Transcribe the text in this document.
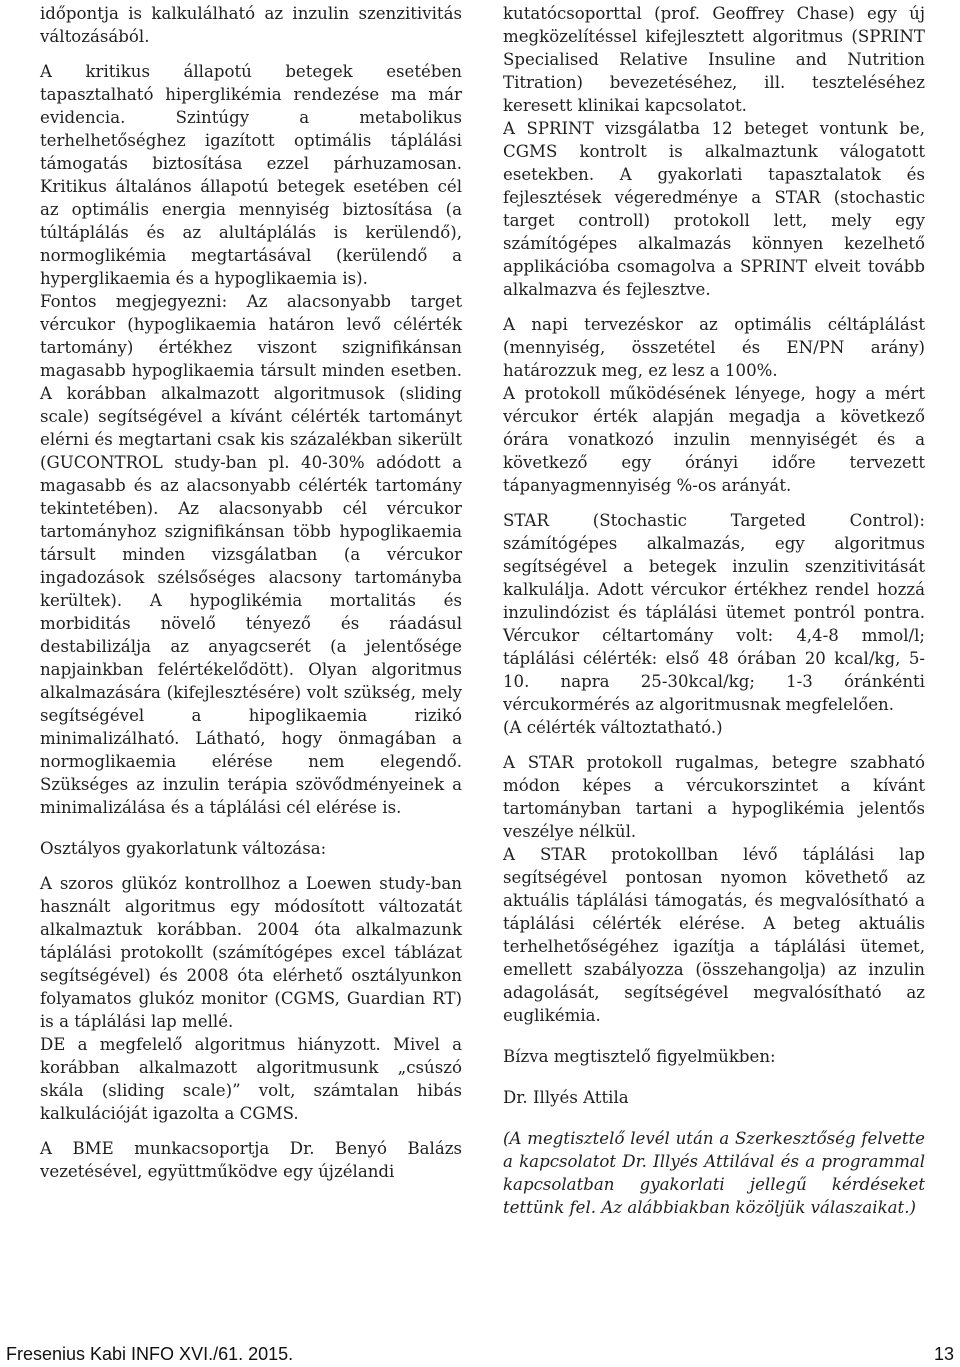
időpontja is kalkulálható az inzulin szenzitivitás változásából.

A kritikus állapotú betegek esetében tapasztalható hiperglikémia rendezése ma már evidencia. Szintúgy a metabolikus terhelhetőséghez igazított optimális táplálási támogatás biztosítása ezzel párhuzamosan. Kritikus általános állapotú betegek esetében cél az optimális energia mennyiség biztosítása (a túltáplálás és az alultáplálás is kerülendő), normoglikémia megtartásával (kerülendő a hyperglikaemia és a hypoglikaemia is).

Fontos megjegyezni: Az alacsonyabb target vércukor (hypoglikaemia határon levő célérték tartomány) értékhez viszont szignifikánsan magasabb hypoglikaemia társult minden esetben. A korábban alkalmazott algoritmusok (sliding scale) segítségével a kívánt célérték tartományt elérni és megtartani csak kis százalékban sikerült (GUCONTROL study-ban pl. 40-30% adódott a magasabb és az alacsonyabb célérték tartomány tekintetében). Az alacsonyabb cél vércukor tartományhoz szignifikánsan több hypoglikaemia társult minden vizsgálatban (a vércukor ingadozások szélsőséges alacsony tartományba kerültek). A hypoglikémia mortalitás és morbiditás növelő tényező és ráadásul destabilizálja az anyagcserét (a jelentősége napjainkban felértékelődött). Olyan algoritmus alkalmazására (kifejlesztésére) volt szükség, mely segítségével a hipoglikaemia rizikó minimalizálható. Látható, hogy önmagában a normoglikaemia elérése nem elegendő. Szükséges az inzulin terápia szövődményeinek a minimalizálása és a táplálási cél elérése is.

Osztályos gyakorlatunk változása:

A szoros glükóz kontrollhoz a Loewen study-ban használt algoritmus egy módosított változatát alkalmaztuk korábban. 2004 óta alkalmazunk táplálási protokollt (számítógépes excel táblázat segítségével) és 2008 óta elérhető osztályunkon folyamatos glukóz monitor (CGMS, Guardian RT) is a táplálási lap mellé.

DE a megfelelő algoritmus hiányzott. Mivel a korábban alkalmazott algoritmusunk „csúszó skála (sliding scale)” volt, számtalan hibás kalkulációját igazolta a CGMS.

A BME munkacsoportja Dr. Benyó Balázs vezetésével, együttműködve egy újzélandi

kutatócsoporttal (prof. Geoffrey Chase) egy új megközelítéssel kifejlesztett algoritmus (SPRINT Specialised Relative Insuline and Nutrition Titration) bevezetéséhez, ill. teszteléséhez keresett klinikai kapcsolatot.

A SPRINT vizsgálatba 12 beteget vontunk be, CGMS kontrolt is alkalmaztunk válogatott esetekben. A gyakorlati tapasztalatok és fejlesztések végeredménye a STAR (stochastic target controll) protokoll lett, mely egy számítógépes alkalmazás könnyen kezelhető applikációba csomagolva a SPRINT elveit tovább alkalmazva és fejlesztve.

A napi tervezéskor az optimális céltáplálást (mennyiség, összetétel és EN/PN arány) határozzuk meg, ez lesz a 100%.

A protokoll működésének lényege, hogy a mért vércukor érték alapján megadja a következő órára vonatkozó inzulin mennyiségét és a következő egy órányi időre tervezett tápanyagmennyiség %-os arányát.

STAR (Stochastic Targeted Control): számítógépes alkalmazás, egy algoritmus segítségével a betegek inzulin szenzitivitását kalkulálja. Adott vércukor értékhez rendel hozzá inzulindózist és táplálási ütemet pontról pontra. Vércukor céltartomány volt: 4,4-8 mmol/l; táplálási célérték: első 48 órában 20 kcal/kg, 5-10. napra 25-30kcal/kg; 1-3 óránkénti vércukormérés az algoritmusnak megfelelően.

(A célérték változtatható.)

A STAR protokoll rugalmas, betegre szabható módon képes a vércukorszintet a kívánt tartományban tartani a hypoglikémia jelentős veszélye nélkül.

A STAR protokollban lévő táplálási lap segítségével pontosan nyomon követhető az aktuális táplálási támogatás, és megvalósítható a táplálási célérték elérése. A beteg aktuális terhelhetőségéhez igazítja a táplálási ütemet, emellett szabályozza (összehangolja) az inzulin adagolását, segítségével megvalósítható az euglikémia.

Bízva megtisztelő figyelmükben:

Dr. Illyés Attila

(A megtisztelő levél után a Szerkesztőség felvette a kapcsolatot Dr. Illyés Attilával és a programmal kapcsolatban gyakorlati jellegű kérdéseket tettünk fel. Az alábbiakban közöljük válaszaikat.)

Fresenius Kabi INFO XVI./61. 2015.	13
